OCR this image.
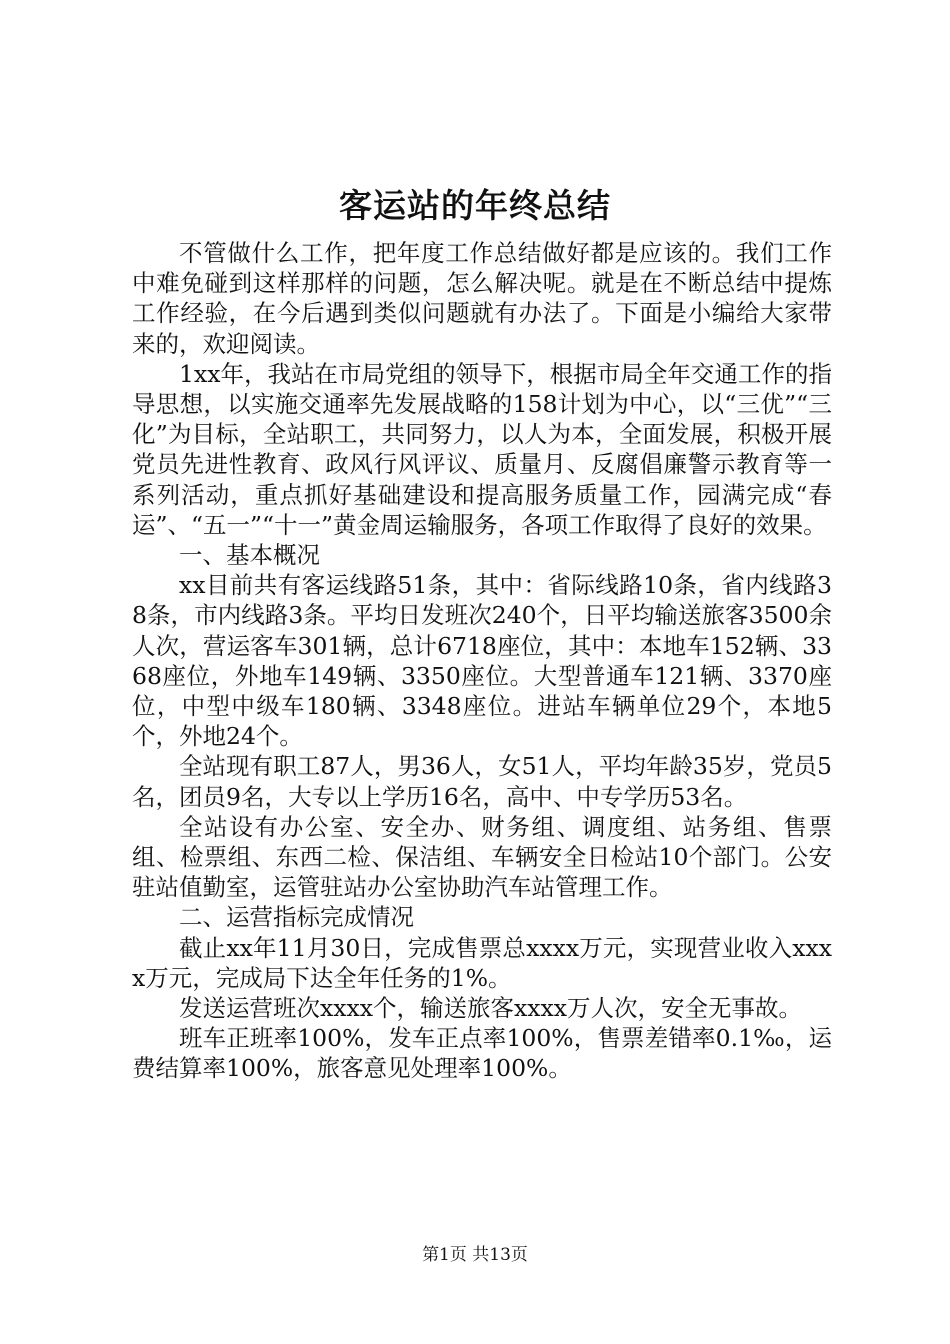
客运站的年终总结

不管做什么工作，把年度工作总结做好都是应该的。我们工作中难免碰到这样那样的问题，怎么解决呢。就是在不断总结中提炼工作经验，在今后遇到类似问题就有办法了。下面是小编给大家带来的，欢迎阅读。

1xx年，我站在市局党组的领导下，根据市局全年交通工作的指导思想，以实施交通率先发展战略的158计划为中心，以“三优”“三化”为目标，全站职工，共同努力，以人为本，全面发展，积极开展党员先进性教育、政风行风评议、质量月、反腐倡廉警示教育等一系列活动，重点抓好基础建设和提高服务质量工作，园满完成“春运”、“五一”“十一”黄金周运输服务，各项工作取得了良好的效果。

一、基本概况

xx目前共有客运线路51条，其中：省际线路10条，省内线路38条，市内线路3条。平均日发班次240个，日平均输送旅客3500余人次，营运客车301辆，总计6718座位，其中：本地车152辆、3368座位，外地车149辆、3350座位。大型普通车121辆、3370座位，中型中级车180辆、3348座位。进站车辆单位29个，本地5个，外地24个。

全站现有职工87人，男36人，女51人，平均年龄35岁，党员5名，团员9名，大专以上学历16名，高中、中专学历53名。

全站设有办公室、安全办、财务组、调度组、站务组、售票组、检票组、东西二检、保洁组、车辆安全日检站10个部门。公安驻站值勤室，运管驻站办公室协助汽车站管理工作。

二、运营指标完成情况

截止xx年11月30日，完成售票总xxxx万元，实现营业收入xxxx万元，完成局下达全年任务的1%。

发送运营班次xxxx个，输送旅客xxxx万人次，安全无事故。

班车正班率100%，发车正点率100%，售票差错率0.1‰，运费结算率100%，旅客意见处理率100%。

第1页 共13页
